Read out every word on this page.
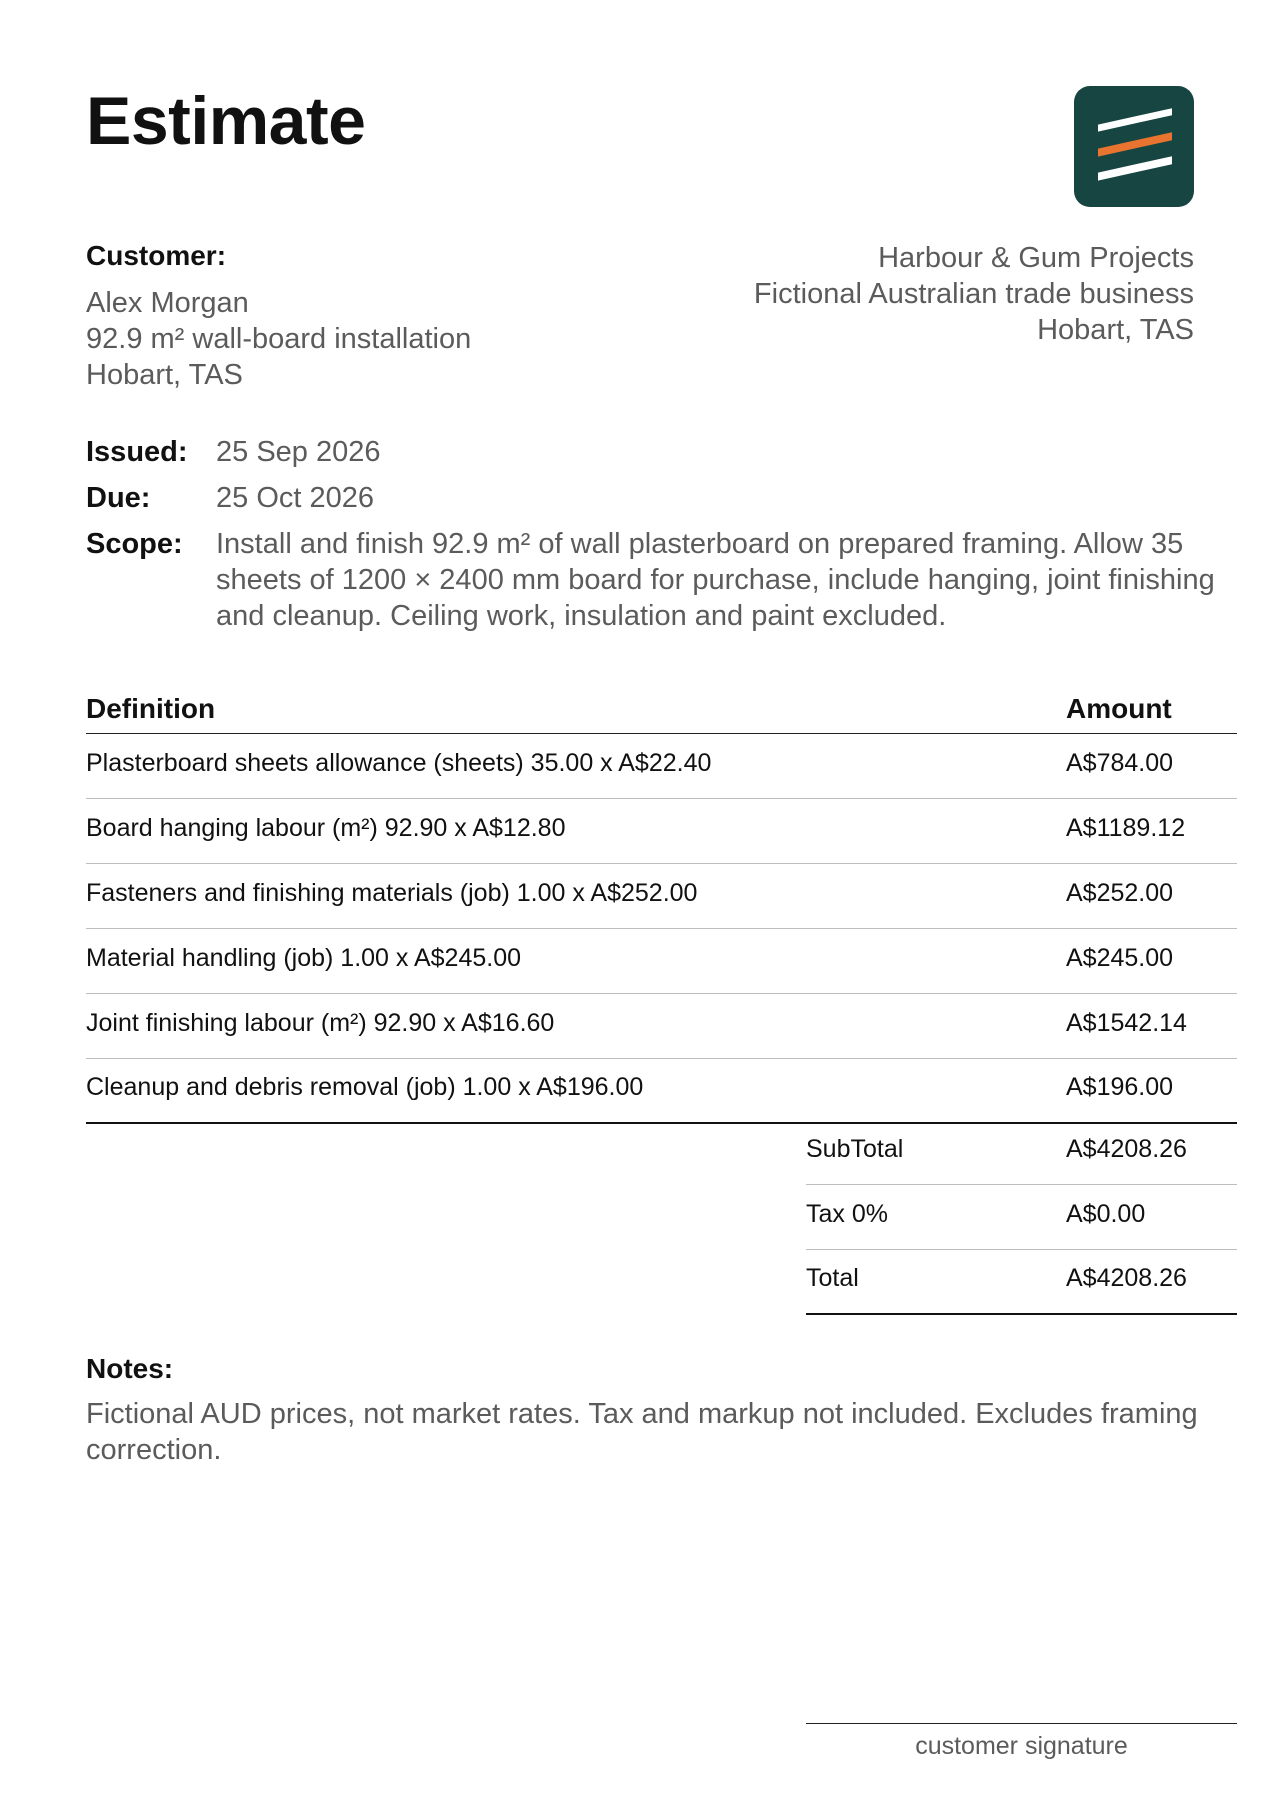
Estimate
Customer:
Alex Morgan
92.9 m² wall-board installation
Hobart, TAS
Harbour & Gum Projects
Fictional Australian trade business
Hobart, TAS
Issued: 25 Sep 2026
Due:	25 Oct 2026
Scope:	Install and finish 92.9 m² of wall plasterboard on prepared framing. Allow 35 sheets of 1200 × 2400 mm board for purchase, include hanging, joint finishing and cleanup. Ceiling work, insulation and paint excluded.
Definition	Amount
Plasterboard sheets allowance (sheets) 35.00 x A$22.40	A$784.00
Board hanging labour (m²) 92.90 x A$12.80	A$1189.12
Fasteners and finishing materials (job) 1.00 x A$252.00	A$252.00
Material handling (job) 1.00 x A$245.00	A$245.00
Joint finishing labour (m²) 92.90 x A$16.60	A$1542.14
Cleanup and debris removal (job) 1.00 x A$196.00	A$196.00
SubTotal	A$4208.26
Tax 0%	A$0.00
Total	A$4208.26
Notes:
Fictional AUD prices, not market rates. Tax and markup not included. Excludes framing correction.
customer signature
